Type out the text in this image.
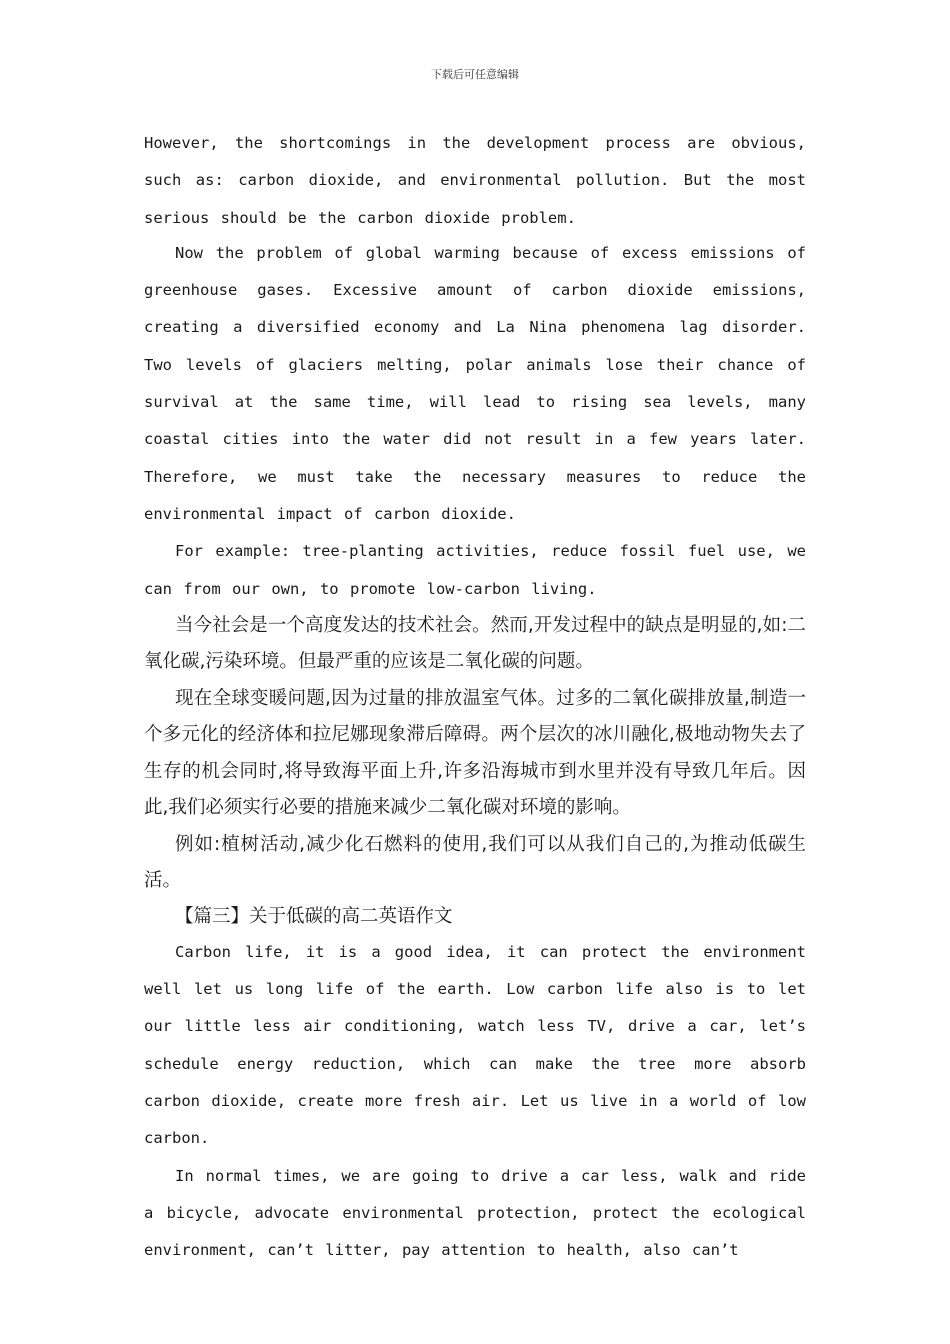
下载后可任意编辑

However, the shortcomings in the development process are obvious, such as: carbon dioxide, and environmental pollution. But the most serious should be the carbon dioxide problem.

Now the problem of global warming because of excess emissions of greenhouse gases. Excessive amount of carbon dioxide emissions, creating a diversified economy and La Nina phenomena lag disorder. Two levels of glaciers melting, polar animals lose their chance of survival at the same time, will lead to rising sea levels, many coastal cities into the water did not result in a few years later. Therefore, we must take the necessary measures to reduce the environmental impact of carbon dioxide.

For example: tree-planting activities, reduce fossil fuel use, we can from our own, to promote low-carbon living.

当今社会是一个高度发达的技术社会。然而,开发过程中的缺点是明显的,如:二氧化碳,污染环境。但最严重的应该是二氧化碳的问题。

现在全球变暖问题,因为过量的排放温室气体。过多的二氧化碳排放量,制造一个多元化的经济体和拉尼娜现象滞后障碍。两个层次的冰川融化,极地动物失去了生存的机会同时,将导致海平面上升,许多沿海城市到水里并没有导致几年后。因此,我们必须实行必要的措施来减少二氧化碳对环境的影响。

例如:植树活动,减少化石燃料的使用,我们可以从我们自己的,为推动低碳生活。

【篇三】关于低碳的高二英语作文

Carbon life, it is a good idea, it can protect the environment well let us long life of the earth. Low carbon life also is to let our little less air conditioning, watch less TV, drive a car, let’s schedule energy reduction, which can make the tree more absorb carbon dioxide, create more fresh air. Let us live in a world of low carbon.

In normal times, we are going to drive a car less, walk and ride a bicycle, advocate environmental protection, protect the ecological environment, can’t litter, pay attention to health, also can’t
